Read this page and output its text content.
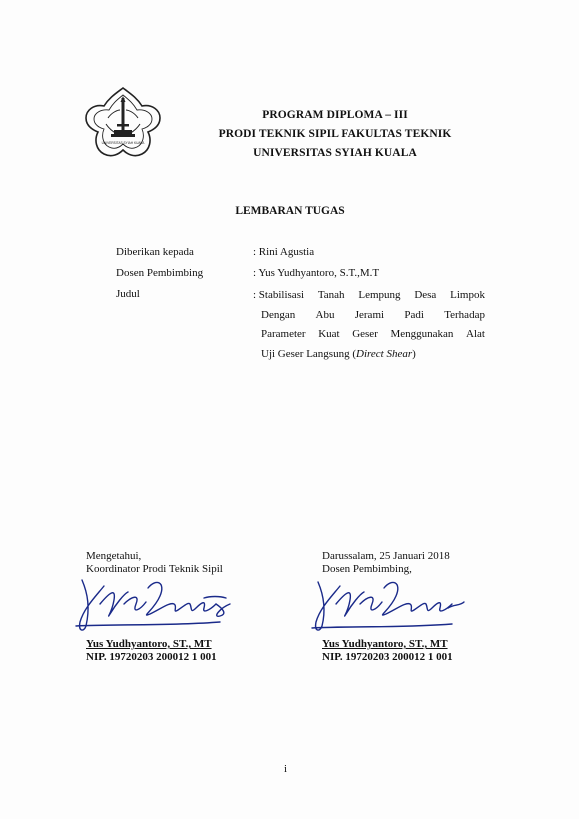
UNIVERSITAS SYIAH KUALA
PROGRAM DIPLOMA – III
PRODI TEKNIK SIPIL FAKULTAS TEKNIK
UNIVERSITAS SYIAH KUALA
LEMBARAN TUGAS
Diberikan kepada	: Rini Agustia
Dosen Pembimbing	: Yus Yudhyantoro, S.T.,M.T
Judul	: Stabilisasi Tanah Lempung Desa Limpok
Dengan Abu Jerami Padi Terhadap
Parameter Kuat Geser Menggunakan Alat
Uji Geser Langsung (Direct Shear)
Mengetahui,
Koordinator Prodi Teknik Sipil
Yus Yudhyantoro, ST., MT
NIP. 19720203 200012 1 001
Darussalam, 25 Januari 2018
Dosen Pembimbing,
Yus Yudhyantoro, ST., MT
NIP. 19720203 200012 1 001
i
